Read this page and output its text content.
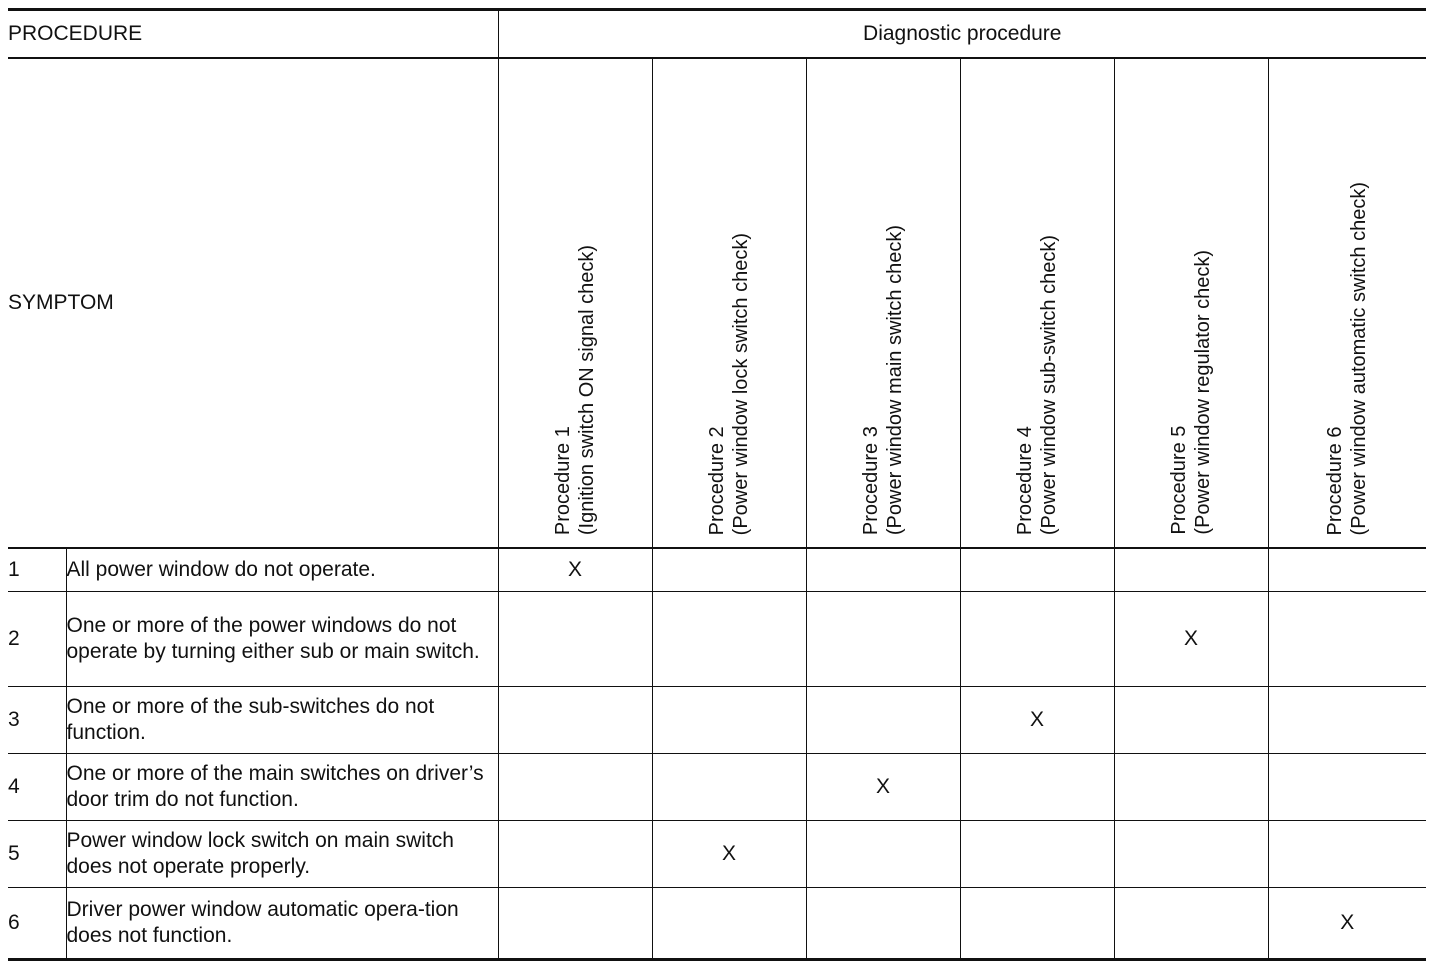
PROCEDURE		Diagnostic procedure					
SYMPTOM		Procedure 1 (Ignition switch ON signal check)	Procedure 2 (Power window lock switch check)	Procedure 3 (Power window main switch check)	Procedure 4 (Power window sub-switch check)	Procedure 5 (Power window regulator check)	Procedure 6 (Power window automatic switch check)

1	All power window do not operate.	X					
2	One or more of the power windows do not operate by turning either sub or main switch.					X	
3	One or more of the sub-switches do not function.				X		
4	One or more of the main switches on driver’s door trim do not function.			X			
5	Power window lock switch on main switch does not operate properly.		X				
6	Driver power window automatic opera-tion does not function.						X
